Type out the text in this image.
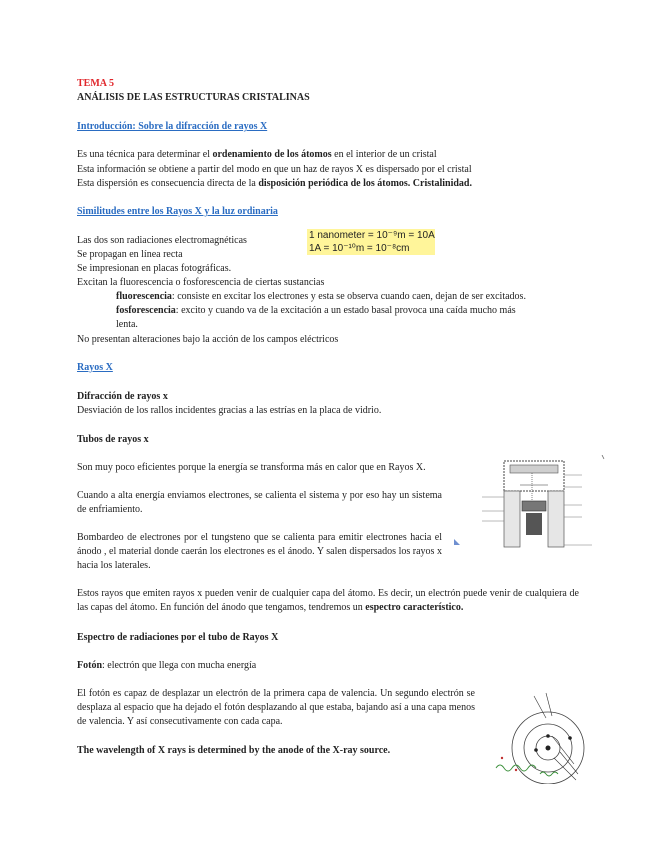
TEMA 5
ANÁLISIS DE LAS ESTRUCTURAS CRISTALINAS
Introducción: Sobre la difracción de rayos X
Es una técnica para determinar el ordenamiento de los átomos en el interior de un cristal
Esta información se obtiene a partir del modo en que un haz de rayos X es dispersado por el cristal
Esta dispersión es consecuencia directa de la disposición periódica de los átomos. Cristalinidad.
Similitudes entre los Rayos X y la luz ordinaria
1 nanometer = 10⁻⁹m = 10A
1A = 10⁻¹⁰m = 10⁻⁸cm
Las dos son radiaciones electromagnéticas
Se propagan en línea recta
Se impresionan en placas fotográficas.
Excitan la fluorescencia o fosforescencia de ciertas sustancias
fluorescencia: consiste en excitar los electrones y esta se observa cuando caen, dejan de ser excitados.
fosforescencia: excito y cuando va de la excitación a un estado basal provoca una caída mucho más
lenta.
No presentan alteraciones bajo la acción de los campos eléctricos
Rayos X
Difracción de rayos x
Desviación de los rallos incidentes gracias a las estrías en la placa de vidrio.
Tubos de rayos x
Son muy poco eficientes porque la energía se transforma más en calor que en Rayos X.
Cuando a alta energía enviamos electrones, se calienta el sistema y por eso hay un sistema de enfriamiento.
Bombardeo de electrones por el tungsteno que se calienta para emitir electrones hacia el ánodo , el material donde caerán los electrones es el ánodo. Y salen dispersados los rayos x hacia los laterales.
Estos rayos que emiten rayos x pueden venir de cualquier capa del átomo. Es decir, un electrón puede venir de cualquiera de las capas del átomo. En función del ánodo que tengamos, tendremos un espectro característico.
Espectro de radiaciones por el tubo de Rayos X
Fotón: electrón que llega con mucha energía
El fotón es capaz de desplazar un electrón de la primera capa de valencia. Un segundo electrón se desplaza al espacio que ha dejado el fotón desplazando al que estaba, bajando así a una capa menos de valencia. Y así consecutivamente con cada capa.
The wavelength of X rays is determined by the anode of the X-ray source.
